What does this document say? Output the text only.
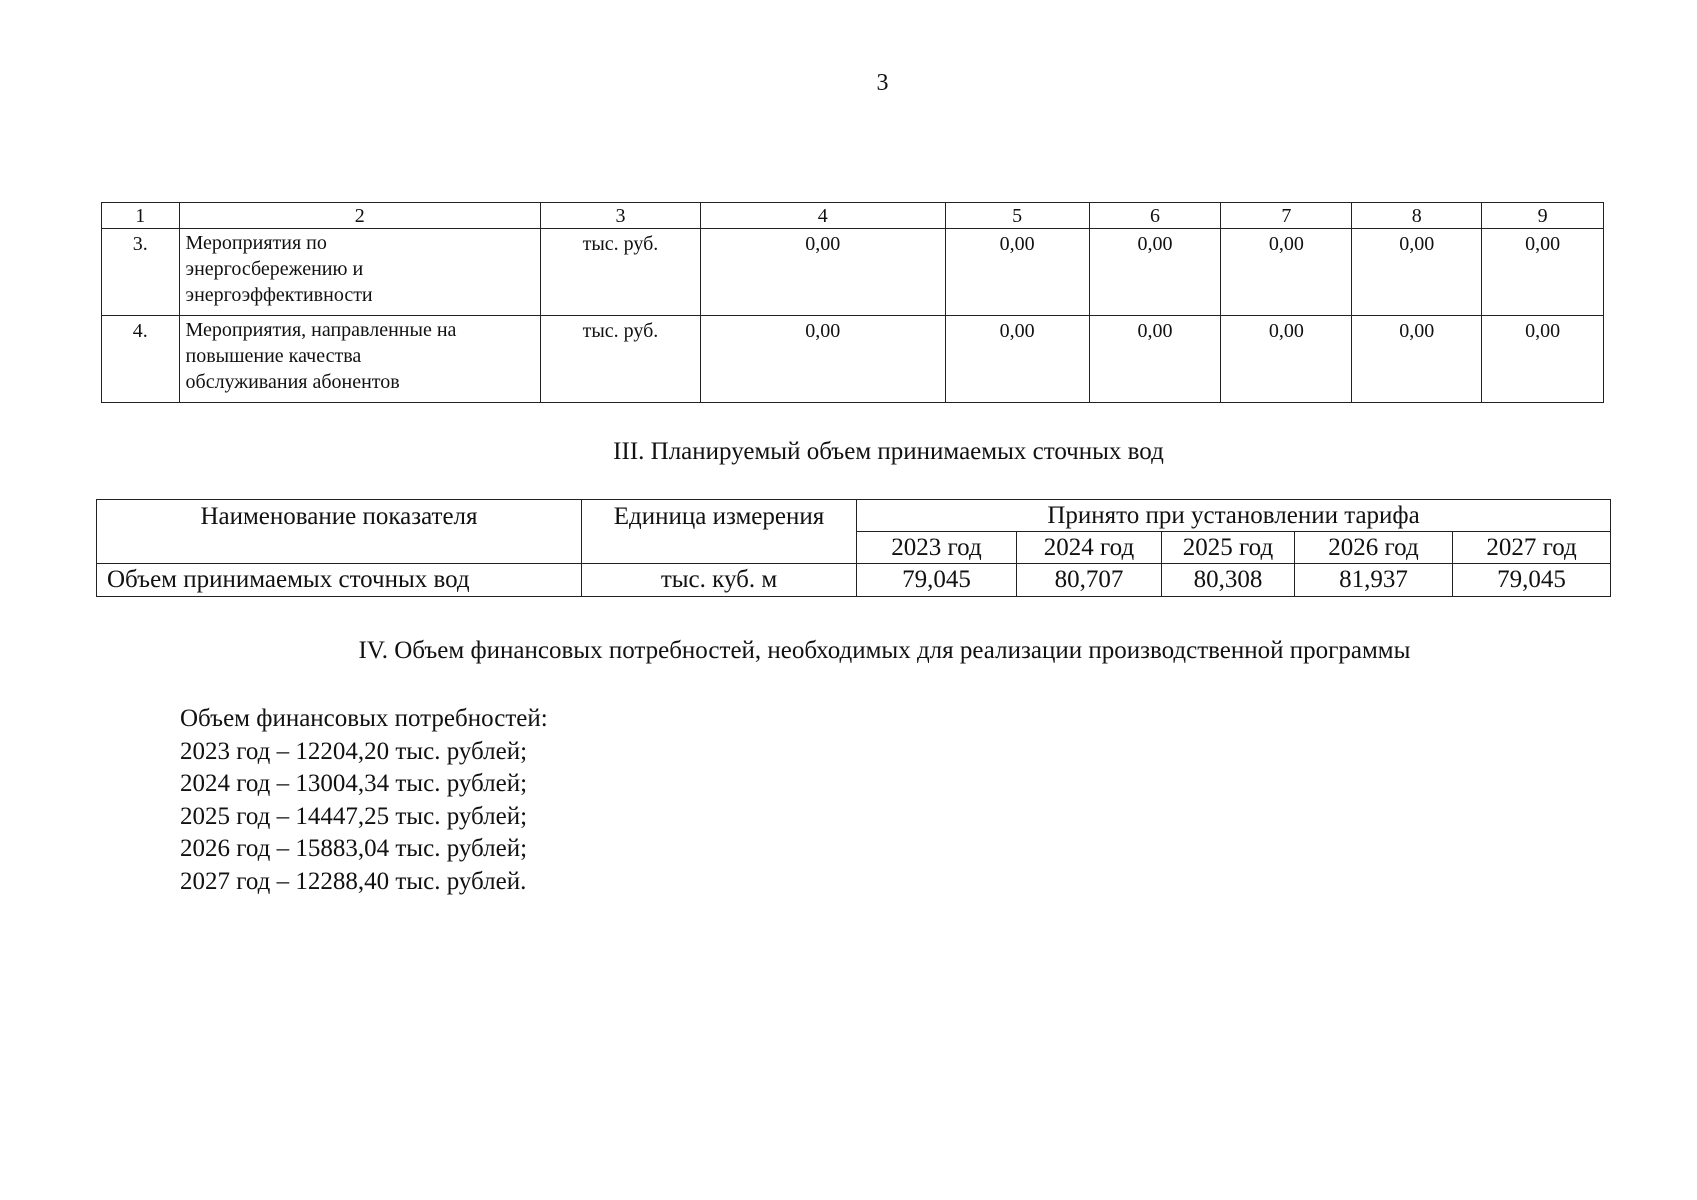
3
1	2	3	4	5	6	7	8	9
3.	Мероприятия по
энергосбережению и
энергоэффективности	тыс. руб.	0,00	0,00	0,00	0,00	0,00	0,00
4.	Мероприятия, направленные на
повышение качества
обслуживания абонентов	тыс. руб.	0,00	0,00	0,00	0,00	0,00	0,00
III. Планируемый объем принимаемых сточных вод
Наименование показателя	Единица измерения	Принято при установлении тарифа				
		2023 год	2024 год	2025 год	2026 год	2027 год
Объем принимаемых сточных вод	тыс. куб. м	79,045	80,707	80,308	81,937	79,045
IV. Объем финансовых потребностей, необходимых для реализации производственной программы
Объем финансовых потребностей:
2023 год – 12204,20 тыс. рублей;
2024 год – 13004,34 тыс. рублей;
2025 год – 14447,25 тыс. рублей;
2026 год – 15883,04 тыс. рублей;
2027 год – 12288,40 тыс. рублей.
